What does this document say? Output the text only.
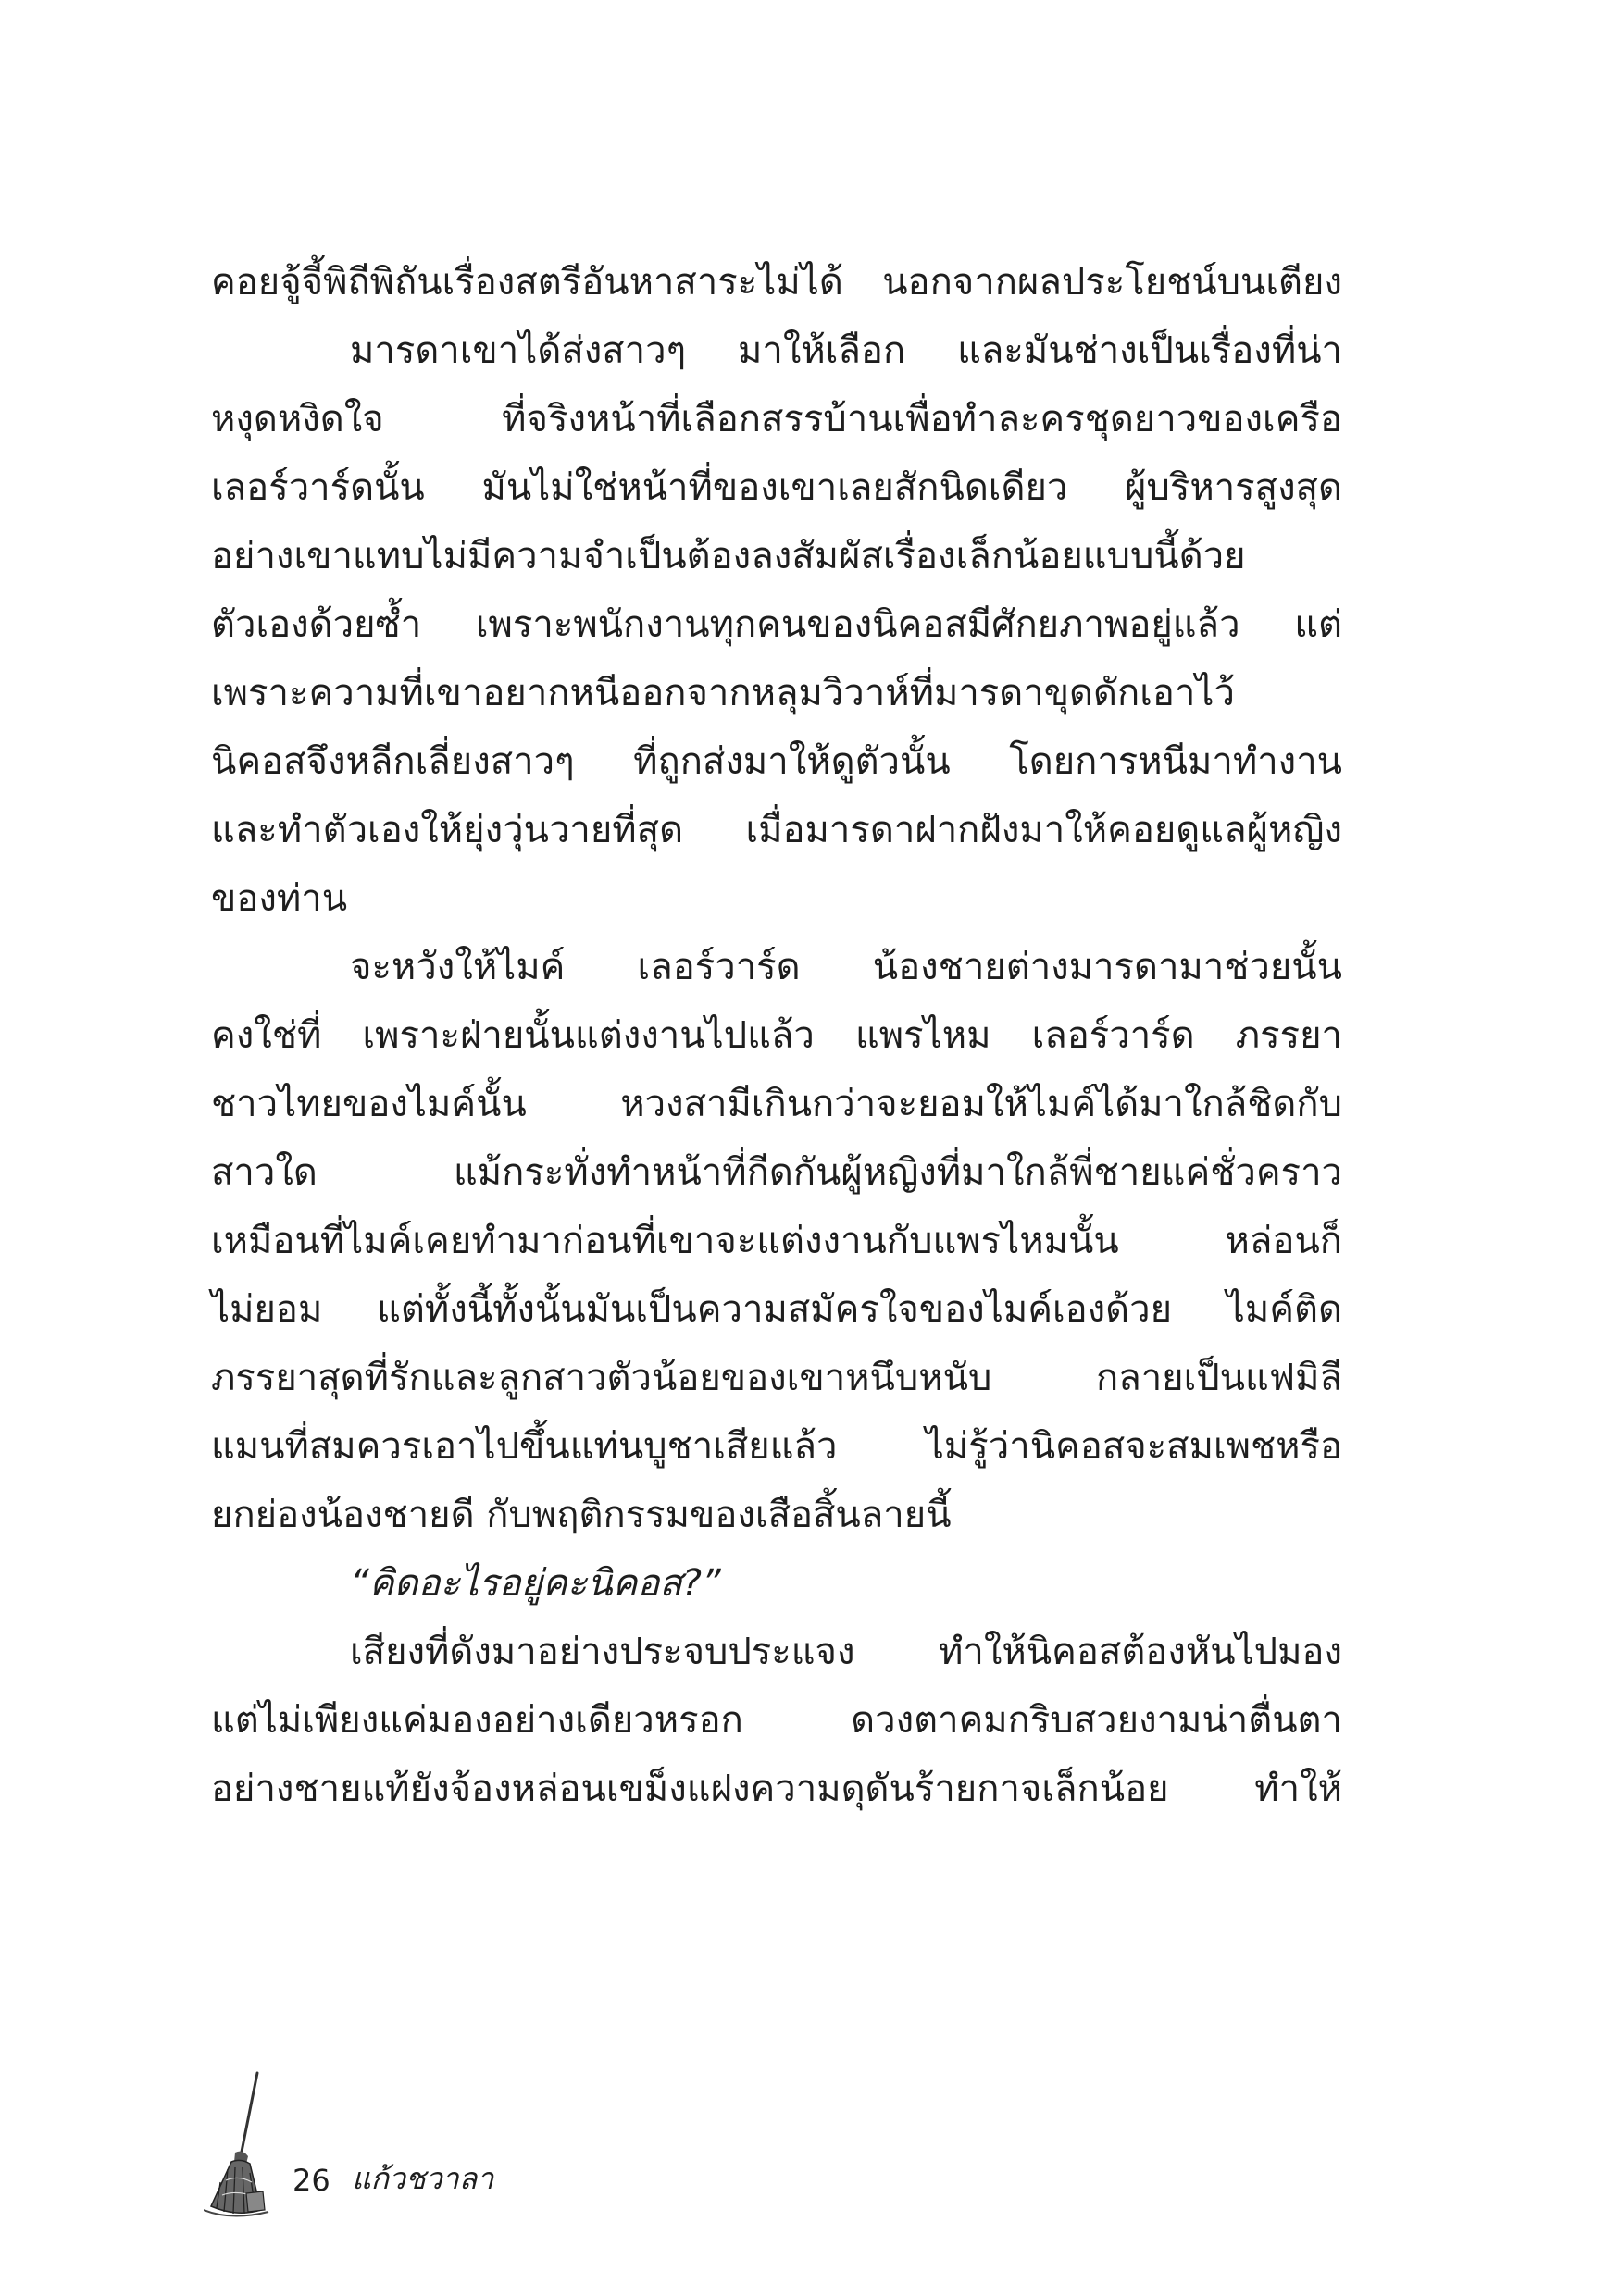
คอยจู้จี้พิถีพิถันเรื่องสตรีอันหาสาระไม่ได้ นอกจากผลประโยชน์บนเตียง
มารดาเขาได้ส่งสาวๆ มาให้เลือก และมันช่างเป็นเรื่องที่น่า
หงุดหงิดใจ ที่จริงหน้าที่เลือกสรรบ้านเพื่อทำละครชุดยาวของเครือ
เลอร์วาร์ดนั้น มันไม่ใช่หน้าที่ของเขาเลยสักนิดเดียว ผู้บริหารสูงสุด
อย่างเขาแทบไม่มีความจำเป็นต้องลงสัมผัสเรื่องเล็กน้อยแบบนี้ด้วย
ตัวเองด้วยซ้ำ เพราะพนักงานทุกคนของนิคอสมีศักยภาพอยู่แล้ว แต่
เพราะความที่เขาอยากหนีออกจากหลุมวิวาห์ที่มารดาขุดดักเอาไว้
นิคอสจึงหลีกเลี่ยงสาวๆ ที่ถูกส่งมาให้ดูตัวนั้น โดยการหนีมาทำงาน
และทำตัวเองให้ยุ่งวุ่นวายที่สุด เมื่อมารดาฝากฝังมาให้คอยดูแลผู้หญิง
ของท่าน
จะหวังให้ไมค์ เลอร์วาร์ด น้องชายต่างมารดามาช่วยนั้น
คงใช่ที่ เพราะฝ่ายนั้นแต่งงานไปแล้ว แพรไหม เลอร์วาร์ด ภรรยา
ชาวไทยของไมค์นั้น หวงสามีเกินกว่าจะยอมให้ไมค์ได้มาใกล้ชิดกับ
สาวใด แม้กระทั่งทำหน้าที่กีดกันผู้หญิงที่มาใกล้พี่ชายแค่ชั่วคราว
เหมือนที่ไมค์เคยทำมาก่อนที่เขาจะแต่งงานกับแพรไหมนั้น หล่อนก็
ไม่ยอม แต่ทั้งนี้ทั้งนั้นมันเป็นความสมัครใจของไมค์เองด้วย ไมค์ติด
ภรรยาสุดที่รักและลูกสาวตัวน้อยของเขาหนึบหนับ กลายเป็นแฟมิลี
แมนที่สมควรเอาไปขึ้นแท่นบูชาเสียแล้ว ไม่รู้ว่านิคอสจะสมเพชหรือ
ยกย่องน้องชายดี กับพฤติกรรมของเสือสิ้นลายนี้
“คิดอะไรอยู่คะนิคอส?”
เสียงที่ดังมาอย่างประจบประแจง ทำให้นิคอสต้องหันไปมอง
แต่ไม่เพียงแค่มองอย่างเดียวหรอก ดวงตาคมกริบสวยงามน่าตื่นตา
อย่างชายแท้ยังจ้องหล่อนเขม็งแฝงความดุดันร้ายกาจเล็กน้อย ทำให้
26 แก้วชวาลา
